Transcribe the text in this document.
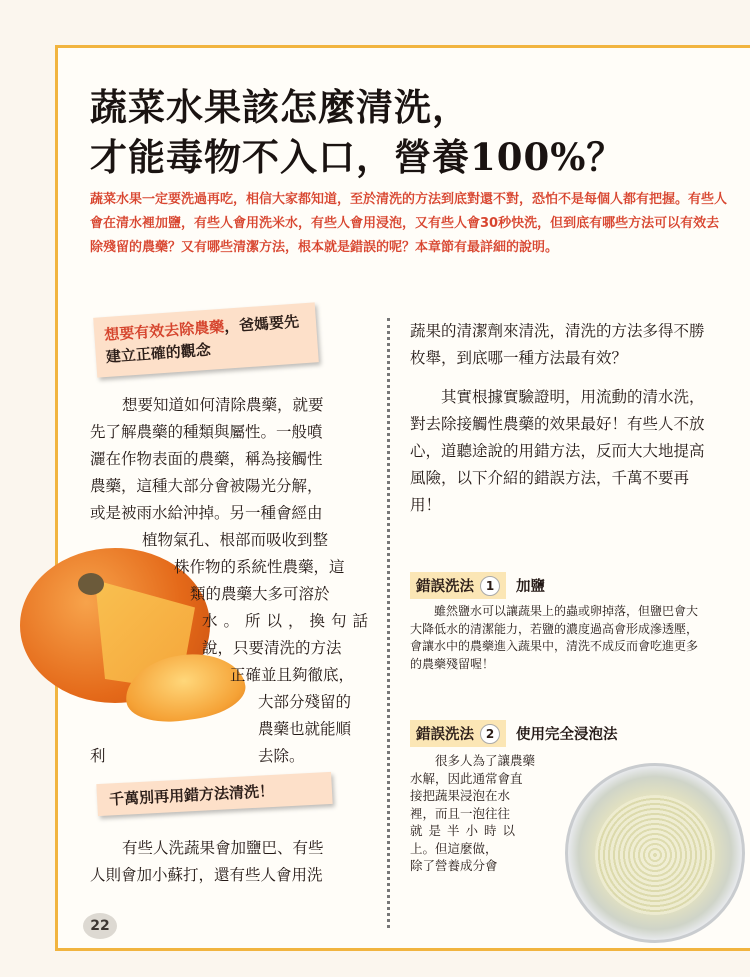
蔬菜水果該怎麼清洗，
才能毒物不入口，營養100%？
蔬菜水果一定要洗過再吃，相信大家都知道，至於清洗的方法到底對還不對，恐怕不是每個人都有把握。有些人會在清水裡加鹽，有些人會用洗米水，有些人會用浸泡，又有些人會30秒快洗，但到底有哪些方法可以有效去除殘留的農藥？又有哪些清潔方法，根本就是錯誤的呢？本章節有最詳細的說明。
想要有效去除農藥，爸媽要先建立正確的觀念
想要知道如何清除農藥，就要
先了解農藥的種類與屬性。一般噴
灑在作物表面的農藥，稱為接觸性
農藥，這種大部分會被陽光分解，
或是被雨水給沖掉。另一種會經由
植物氣孔、根部而吸收到整
株作物的系統性農藥，這
類的農藥大多可溶於
水。所以，換句話
說，只要清洗的方法
正確並且夠徹底，
大部分殘留的
農藥也就能順
利	去除。
千萬別再用錯方法清洗！
有些人洗蔬果會加鹽巴、有些
人則會加小蘇打，還有些人會用洗

蔬果的清潔劑來清洗，清洗的方法多得不勝枚舉，到底哪一種方法最有效？

其實根據實驗證明，用流動的清水洗，對去除接觸性農藥的效果最好！有些人不放心，道聽途說的用錯方法，反而大大地提高風險，以下介紹的錯誤方法，千萬不要再用！

錯誤洗法 1	加鹽
雖然鹽水可以讓蔬果上的蟲或卵掉落，但鹽巴會大大降低水的清潔能力，若鹽的濃度過高會形成滲透壓，會讓水中的農藥進入蔬果中，清洗不成反而會吃進更多的農藥殘留喔！
錯誤洗法 2	使用完全浸泡法
很多人為了讓農藥
水解，因此通常會直
接把蔬果浸泡在水
裡，而且一泡往往
就是半小時以
上。但這麼做，
除了營養成分會
22
